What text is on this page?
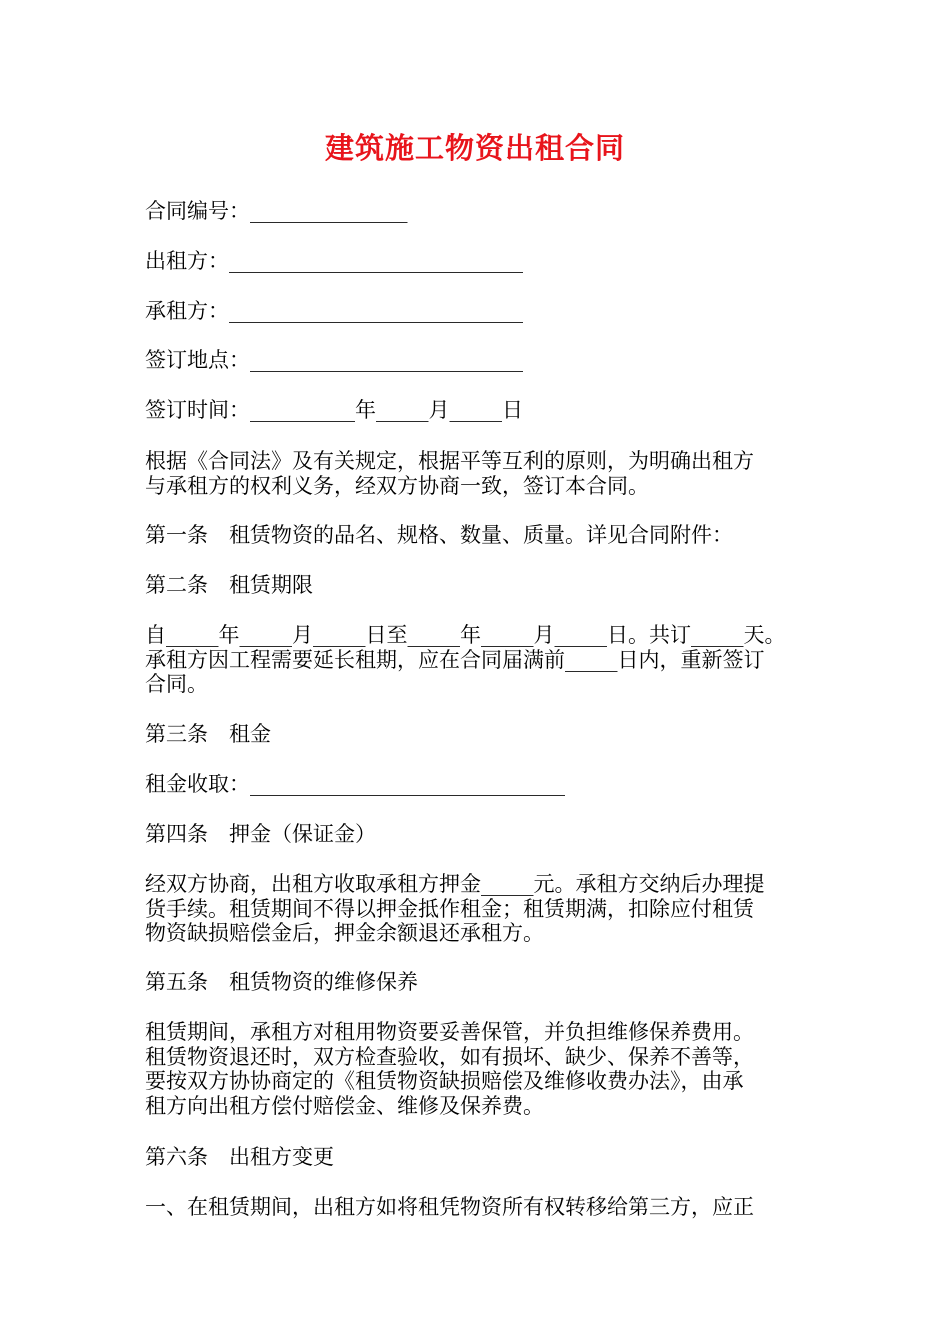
建筑施工物资出租合同
合同编号：_______________
出租方：____________________________
承租方：____________________________
签订地点：__________________________
签订时间：__________年_____月_____日
根据《合同法》及有关规定，根据平等互利的原则，为明确出租方
与承租方的权利义务，经双方协商一致，签订本合同。
第一条　租赁物资的品名、规格、数量、质量。详见合同附件：
第二条　租赁期限
自_____年_____月_____日至_____年_____月_____日。共订_____天。
承租方因工程需要延长租期，应在合同届满前_____日内，重新签订
合同。
第三条　租金
租金收取：______________________________
第四条　押金（保证金）
经双方协商，出租方收取承租方押金_____元。承租方交纳后办理提
货手续。租赁期间不得以押金抵作租金；租赁期满，扣除应付租赁
物资缺损赔偿金后，押金余额退还承租方。
第五条　租赁物资的维修保养
租赁期间，承租方对租用物资要妥善保管，并负担维修保养费用。
租赁物资退还时，双方检查验收，如有损坏、缺少、保养不善等，
要按双方协协商定的《租赁物资缺损赔偿及维修收费办法》，由承
租方向出租方偿付赔偿金、维修及保养费。
第六条　出租方变更
一、在租赁期间，出租方如将租凭物资所有权转移给第三方，应正
